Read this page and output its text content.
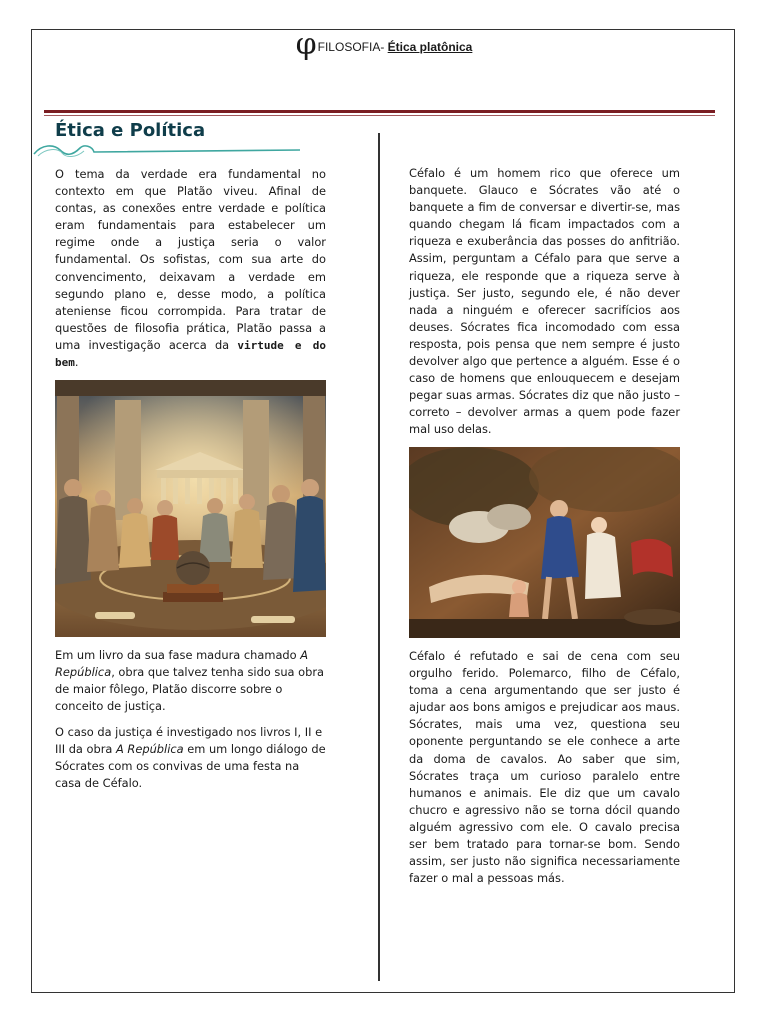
φFILOSOFIA- Ética platônica
Ética e Política

O tema da verdade era fundamental no contexto em que Platão viveu. Afinal de contas, as conexões entre verdade e política eram fundamentais para estabelecer um regime onde a justiça seria o valor fundamental. Os sofistas, com sua arte do convencimento, deixavam a verdade em segundo plano e, desse modo, a política ateniense ficou corrompida. Para tratar de questões de filosofia prática, Platão passa a uma investigação acerca da virtude e do bem.

Em um livro da sua fase madura chamado A República, obra que talvez tenha sido sua obra de maior fôlego, Platão discorre sobre o conceito de justiça.

O caso da justiça é investigado nos livros I, II e III da obra A República em um longo diálogo de Sócrates com os convivas de uma festa na casa de Céfalo.

Céfalo é um homem rico que oferece um banquete. Glauco e Sócrates vão até o banquete a fim de conversar e divertir-se, mas quando chegam lá ficam impactados com a riqueza e exuberância das posses do anfitrião. Assim, perguntam a Céfalo para que serve a riqueza, ele responde que a riqueza serve à justiça. Ser justo, segundo ele, é não dever nada a ninguém e oferecer sacrifícios aos deuses. Sócrates fica incomodado com essa resposta, pois pensa que nem sempre é justo devolver algo que pertence a alguém. Esse é o caso de homens que enlouquecem e desejam pegar suas armas. Sócrates diz que não justo – correto – devolver armas a quem pode fazer mal uso delas.

Céfalo é refutado e sai de cena com seu orgulho ferido. Polemarco, filho de Céfalo, toma a cena argumentando que ser justo é ajudar aos bons amigos e prejudicar aos maus. Sócrates, mais uma vez, questiona seu oponente perguntando se ele conhece a arte da doma de cavalos. Ao saber que sim, Sócrates traça um curioso paralelo entre humanos e animais. Ele diz que um cavalo chucro e agressivo não se torna dócil quando alguém agressivo com ele. O cavalo precisa ser bem tratado para tornar-se bom. Sendo assim, ser justo não significa necessariamente fazer o mal a pessoas más.
